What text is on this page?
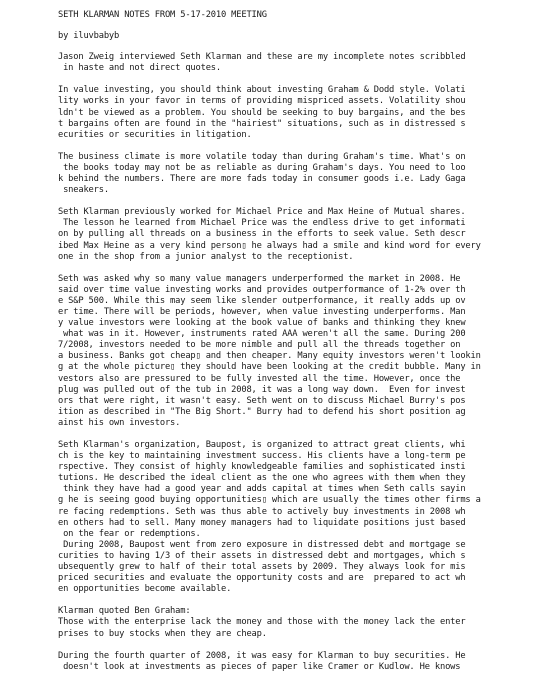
SETH KLARMAN NOTES FROM 5-17-2010 MEETING
by iluvbabyb
Jason Zweig interviewed Seth Klarman and these are my incomplete notes scribbled
in haste and not direct quotes.
In value investing, you should think about investing Graham & Dodd style. Volati
lity works in your favor in terms of providing mispriced assets. Volatility shou
ldn't be viewed as a problem. You should be seeking to buy bargains, and the bes
t bargains often are found in the "hairiest" situations, such as in distressed s
ecurities or securities in litigation.
The business climate is more volatile today than during Graham's time. What's on
the books today may not be as reliable as during Graham's days. You need to loo
k behind the numbers. There are more fads today in consumer goods i.e. Lady Gaga
sneakers.
Seth Klarman previously worked for Michael Price and Max Heine of Mutual shares.
The lesson he learned from Michael Price was the endless drive to get informati
on by pulling all threads on a business in the efforts to seek value. Seth descr
ibed Max Heine as a very kind person▯ he always had a smile and kind word for every
one in the shop from a junior analyst to the receptionist.
Seth was asked why so many value managers underperformed the market in 2008. He
said over time value investing works and provides outperformance of 1-2% over th
e S&P 500. While this may seem like slender outperformance, it really adds up ov
er time. There will be periods, however, when value investing underperforms. Man
y value investors were looking at the book value of banks and thinking they knew
what was in it. However, instruments rated AAA weren't all the same. During 200
7/2008, investors needed to be more nimble and pull all the threads together on
a business. Banks got cheap▯ and then cheaper. Many equity investors weren't lookin
g at the whole picture▯ they should have been looking at the credit bubble. Many in
vestors also are pressured to be fully invested all the time. However, once the
plug was pulled out of the tub in 2008, it was a long way down.  Even for invest
ors that were right, it wasn't easy. Seth went on to discuss Michael Burry's pos
ition as described in "The Big Short." Burry had to defend his short position ag
ainst his own investors.
Seth Klarman's organization, Baupost, is organized to attract great clients, whi
ch is the key to maintaining investment success. His clients have a long-term pe
rspective. They consist of highly knowledgeable families and sophisticated insti
tutions. He described the ideal client as the one who agrees with them when they
think they have had a good year and adds capital at times when Seth calls sayin
g he is seeing good buying opportunities▯ which are usually the times other firms a
re facing redemptions. Seth was thus able to actively buy investments in 2008 wh
en others had to sell. Many money managers had to liquidate positions just based
on the fear or redemptions.
During 2008, Baupost went from zero exposure in distressed debt and mortgage se
curities to having 1/3 of their assets in distressed debt and mortgages, which s
ubsequently grew to half of their total assets by 2009. They always look for mis
priced securities and evaluate the opportunity costs and are  prepared to act wh
en opportunities become available.
Klarman quoted Ben Graham:
Those with the enterprise lack the money and those with the money lack the enter
prises to buy stocks when they are cheap.
During the fourth quarter of 2008, it was easy for Klarman to buy securities. He
doesn't look at investments as pieces of paper like Cramer or Kudlow. He knows
